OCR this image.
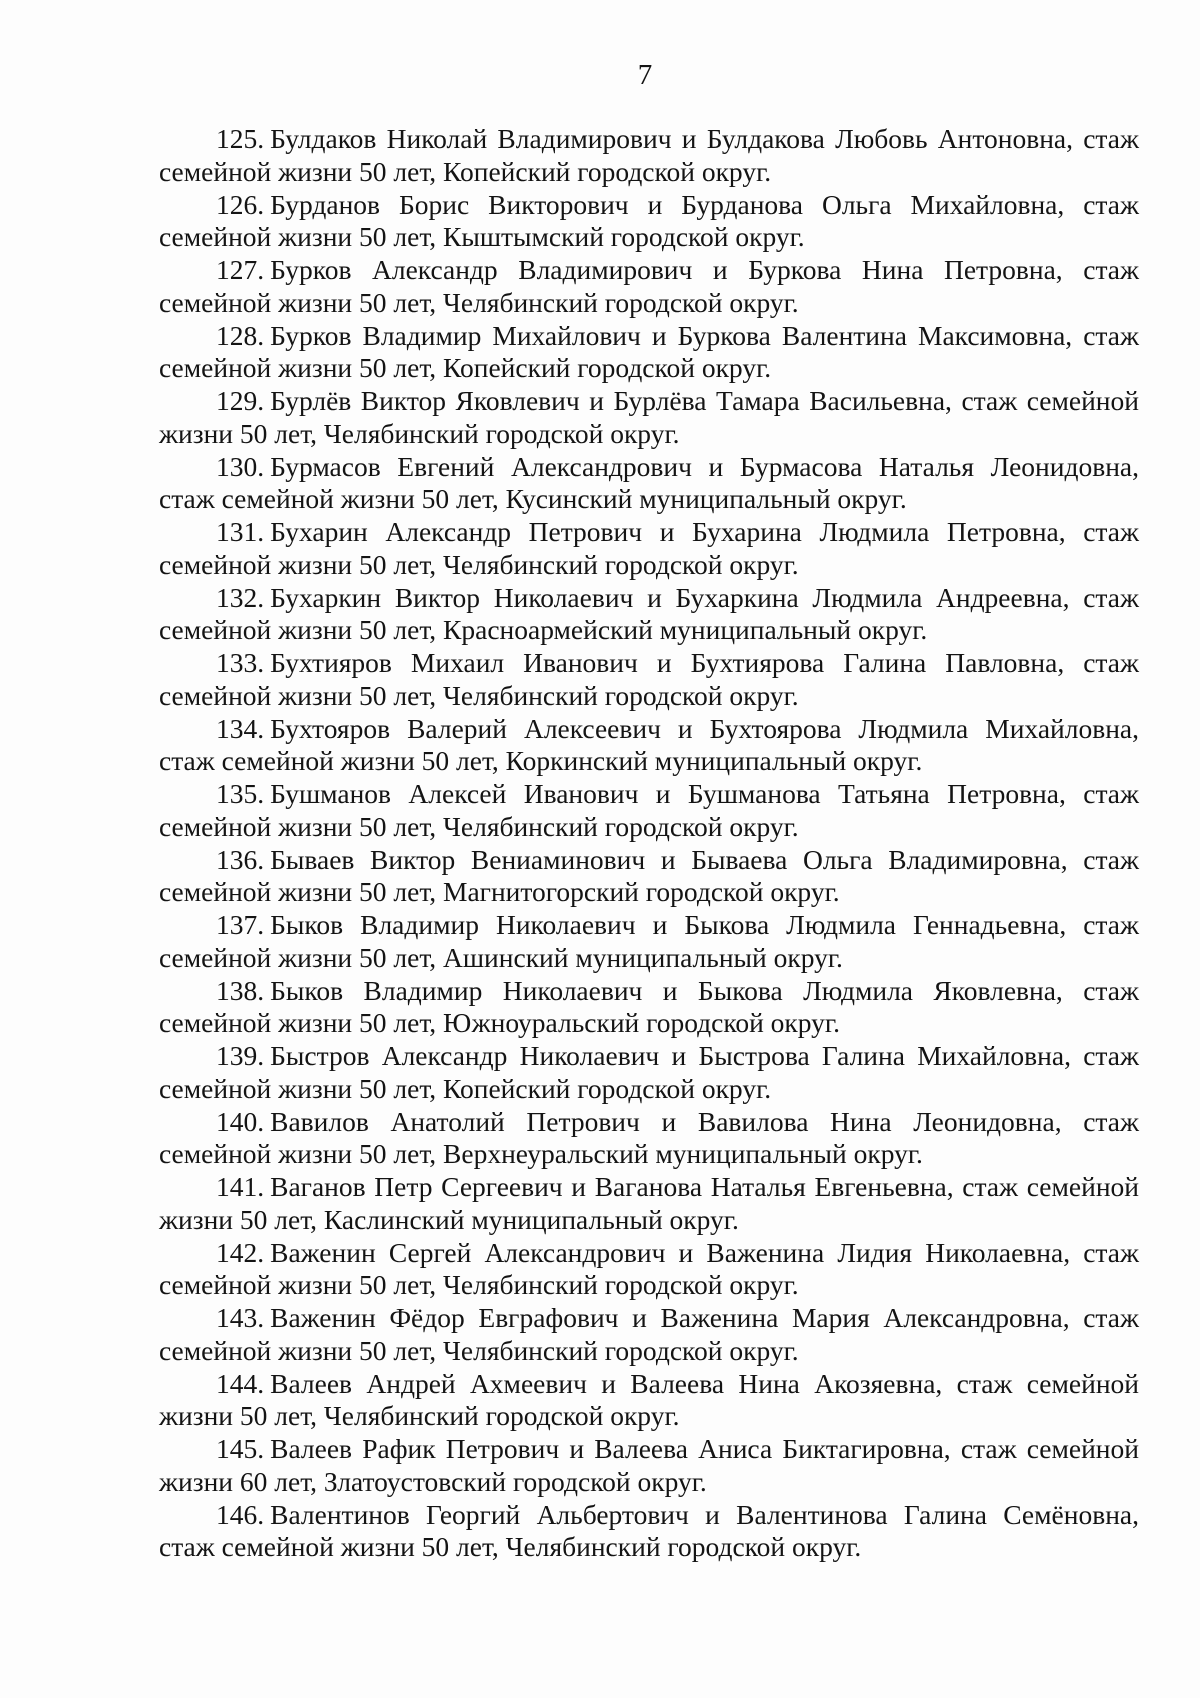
7
125. Булдаков Николай Владимирович и Булдакова Любовь Антоновна, стаж семейной жизни 50 лет, Копейский городской округ.
126. Бурданов Борис Викторович и Бурданова Ольга Михайловна, стаж семейной жизни 50 лет, Кыштымский городской округ.
127. Бурков Александр Владимирович и Буркова Нина Петровна, стаж семейной жизни 50 лет, Челябинский городской округ.
128. Бурков Владимир Михайлович и Буркова Валентина Максимовна, стаж семейной жизни 50 лет, Копейский городской округ.
129. Бурлёв Виктор Яковлевич и Бурлёва Тамара Васильевна, стаж семейной жизни 50 лет, Челябинский городской округ.
130. Бурмасов Евгений Александрович и Бурмасова Наталья Леонидовна, стаж семейной жизни 50 лет, Кусинский муниципальный округ.
131. Бухарин Александр Петрович и Бухарина Людмила Петровна, стаж семейной жизни 50 лет, Челябинский городской округ.
132. Бухаркин Виктор Николаевич и Бухаркина Людмила Андреевна, стаж семейной жизни 50 лет, Красноармейский муниципальный округ.
133. Бухтияров Михаил Иванович и Бухтиярова Галина Павловна, стаж семейной жизни 50 лет, Челябинский городской округ.
134. Бухтояров Валерий Алексеевич и Бухтоярова Людмила Михайловна, стаж семейной жизни 50 лет, Коркинский муниципальный округ.
135. Бушманов Алексей Иванович и Бушманова Татьяна Петровна, стаж семейной жизни 50 лет, Челябинский городской округ.
136. Бываев Виктор Вениаминович и Бываева Ольга Владимировна, стаж семейной жизни 50 лет, Магнитогорский городской округ.
137. Быков Владимир Николаевич и Быкова Людмила Геннадьевна, стаж семейной жизни 50 лет, Ашинский муниципальный округ.
138. Быков Владимир Николаевич и Быкова Людмила Яковлевна, стаж семейной жизни 50 лет, Южноуральский городской округ.
139. Быстров Александр Николаевич и Быстрова Галина Михайловна, стаж семейной жизни 50 лет, Копейский городской округ.
140. Вавилов Анатолий Петрович и Вавилова Нина Леонидовна, стаж семейной жизни 50 лет, Верхнеуральский муниципальный округ.
141. Ваганов Петр Сергеевич и Ваганова Наталья Евгеньевна, стаж семейной жизни 50 лет, Каслинский муниципальный округ.
142. Важенин Сергей Александрович и Важенина Лидия Николаевна, стаж семейной жизни 50 лет, Челябинский городской округ.
143. Важенин Фёдор Евграфович и Важенина Мария Александровна, стаж семейной жизни 50 лет, Челябинский городской округ.
144. Валеев Андрей Ахмеевич и Валеева Нина Акозяевна, стаж семейной жизни 50 лет, Челябинский городской округ.
145. Валеев Рафик Петрович и Валеева Аниса Биктагировна, стаж семейной жизни 60 лет, Златоустовский городской округ.
146. Валентинов Георгий Альбертович и Валентинова Галина Семёновна, стаж семейной жизни 50 лет, Челябинский городской округ.
